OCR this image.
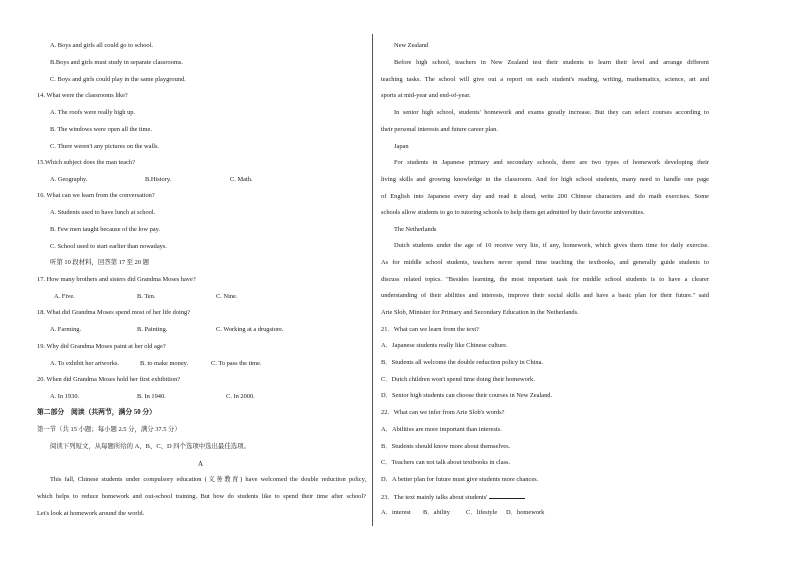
A. Boys and girls all could go to school.
B.Boys and girls must study in separate classrooms.
C. Boys and girls could play in the same playground.
14. What were the classrooms like?
A. The roofs were really high up.
B. The windows were open all the time.
C. There weren't any pictures on the walls.
15.Which subject does the man teach?
A. Geography.	B.History.	C. Math.
16. What can we learn from the conversation?
A. Students used to have lunch at school.
B. Few men taught because of the low pay.
C. School used to start earlier than nowadays.
听第 10 段材料，回答第 17 至 20 题
17. How many brothers and sisters did Grandma Moses have?
A. Five.	B. Ten.	C. Nine.
18. What did Grandma Moses spend most of her life doing?
A. Farming.	B. Painting.	C. Working at a drugstore.
19. Why did Grandma Moses paint at her old age?
A. To exhibit her artworks.	B. to make money.	C. To pass the time.
20. When did Grandma Moses hold her first exhibition?
A. In 1930.	B. In 1940.	C. In 2000.
第二部分　阅读（共两节，满分 50 分）
第一节（共 15 小题；每小题 2.5 分，满分 37.5 分）
阅读下列短文，从每题所给的 A、B、C、D 四个选项中选出最佳选项。
A
This fall, Chinese students under compulsory education (义务教育) have welcomed the double reduction policy,
which helps to reduce homework and out-school training. But how do students like to spend their time after school?
Let's look at homework around the world.
New Zealand
Before high school, teachers in New Zealand test their students to learn their level and arrange different
teaching tasks. The school will give out a report on each student's reading, writing, mathematics, science, art and
sports at mid-year and end-of-year.
In senior high school, students' homework and exams greatly increase. But they can select courses according to
their personal interests and future career plan.
Japan
For students in Japanese primary and secondary schools, there are two types of homework developing their
living skills and growing knowledge in the classroom. And for high school students, many need to handle one page
of English into Japanese every day and read it aloud, write 200 Chinese characters and do math exercises. Some
schools allow students to go to tutoring schools to help them get admitted by their favorite universities.
The Netherlands
Dutch students under the age of 10 receive very lite, if any, homework, which gives them time for daily exercise.
As for middle school students, teachers never spend time teaching the textbooks, and generally guide students to
discuss related topics. "Besides learning, the most important task for middle school students is to have a clearer
understanding of their abilities and interests, improve their social skills and have a basic plan for their future." said
Arie Slob, Minister for Primary and Secondary Education in the Netherlands.
21．What can we learn from the text?
A．Japanese students really like Chinese culture.
B．Students all welcome the double reduction policy in China.
C．Dutch children won't spend time doing their homework.
D．Senior high students can choose their courses in New Zealand.
22．What can we infer from Arie Slob's words?
A．Abilities are more important than interests.
B．Students should know more about themselves.
C．Teachers can not talk about textbooks in class.
D．A better plan for future must give students more chances.
23．The text mainly talks about students'
A．interest B．ability	C．lifestyle D．homework
